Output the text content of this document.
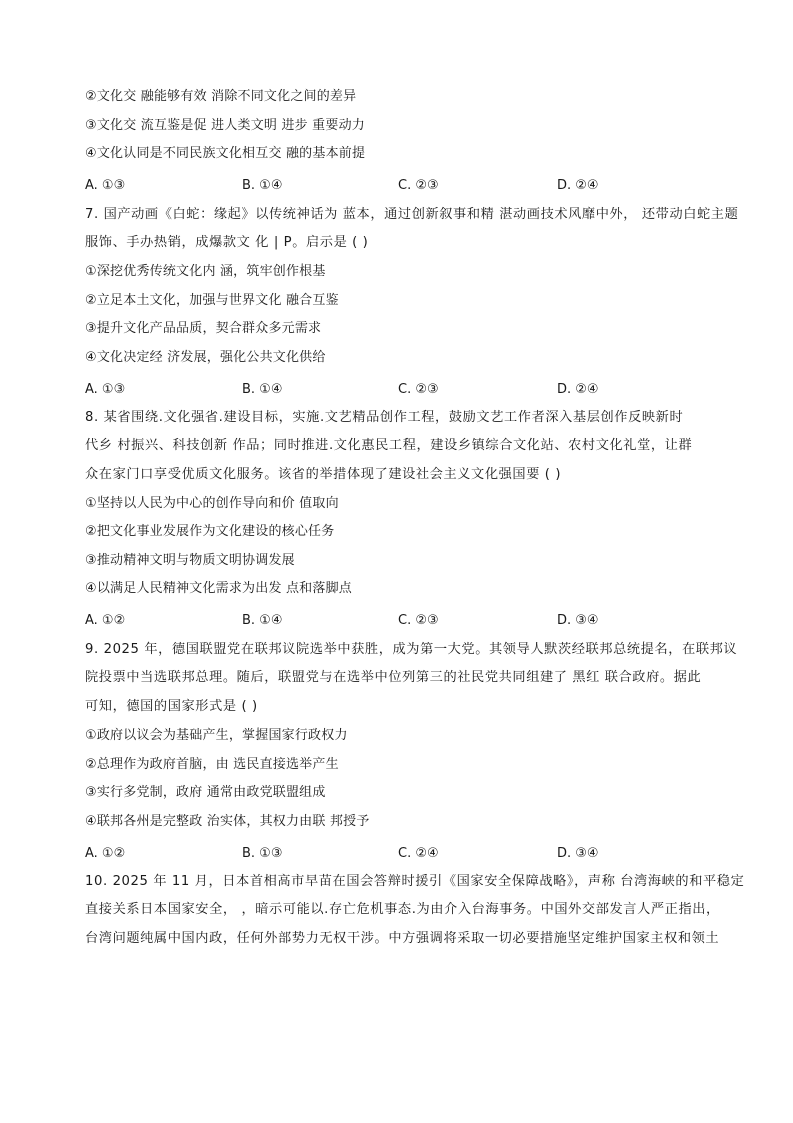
②文化交 融能够有效 消除不同文化之间的差异
③文化交 流互鉴是促 进人类文明 进步 重要动力
④文化认同是不同民族文化相互交 融的基本前提
A. ①③	B. ①④	C. ②③	D. ②④
7. 国产动画《白蛇：缘起》以传统神话为 蓝本，通过创新叙事和精 湛动画技术风靡中外， 还带动白蛇主题
服饰、手办热销，成爆款文 化 | P。启示是 ( )
①深挖优秀传统文化内 涵，筑牢创作根基
②立足本土文化，加强与世界文化 融合互鉴
③提升文化产品品质，契合群众多元需求
④文化决定经 济发展，强化公共文化供给
A. ①③	B. ①④	C. ②③	D. ②④
8. 某省围绕.文化强省.建设目标，实施.文艺精品创作工程，鼓励文艺工作者深入基层创作反映新时
代乡 村振兴、科技创新 作品；同时推进.文化惠民工程，建设乡镇综合文化站、农村文化礼堂，让群
众在家门口享受优质文化服务。该省的举措体现了建设社会主义文化强国要 ( )
①坚持以人民为中心的创作导向和价 值取向
②把文化事业发展作为文化建设的核心任务
③推动精神文明与物质文明协调发展
④以满足人民精神文化需求为出发 点和落脚点
A. ①②	B. ①④	C. ②③	D. ③④
9. 2025 年，德国联盟党在联邦议院选举中获胜，成为第一大党。其领导人默茨经联邦总统提名，在联邦议
院投票中当选联邦总理。随后，联盟党与在选举中位列第三的社民党共同组建了 黑红 联合政府。据此
可知，德国的国家形式是 ( )
①政府以议会为基础产生，掌握国家行政权力
②总理作为政府首脑，由 选民直接选举产生
③实行多党制，政府 通常由政党联盟组成
④联邦各州是完整政 治实体，其权力由联 邦授予
A. ①②	B. ①③	C. ②④	D. ③④
10. 2025 年 11 月，日本首相高市早苗在国会答辩时援引《国家安全保障战略》，声称 台湾海峡的和平稳定
直接关系日本国家安全， ，暗示可能以.存亡危机事态.为由介入台海事务。中国外交部发言人严正指出，
台湾问题纯属中国内政，任何外部势力无权干涉。中方强调将采取一切必要措施坚定维护国家主权和领土
